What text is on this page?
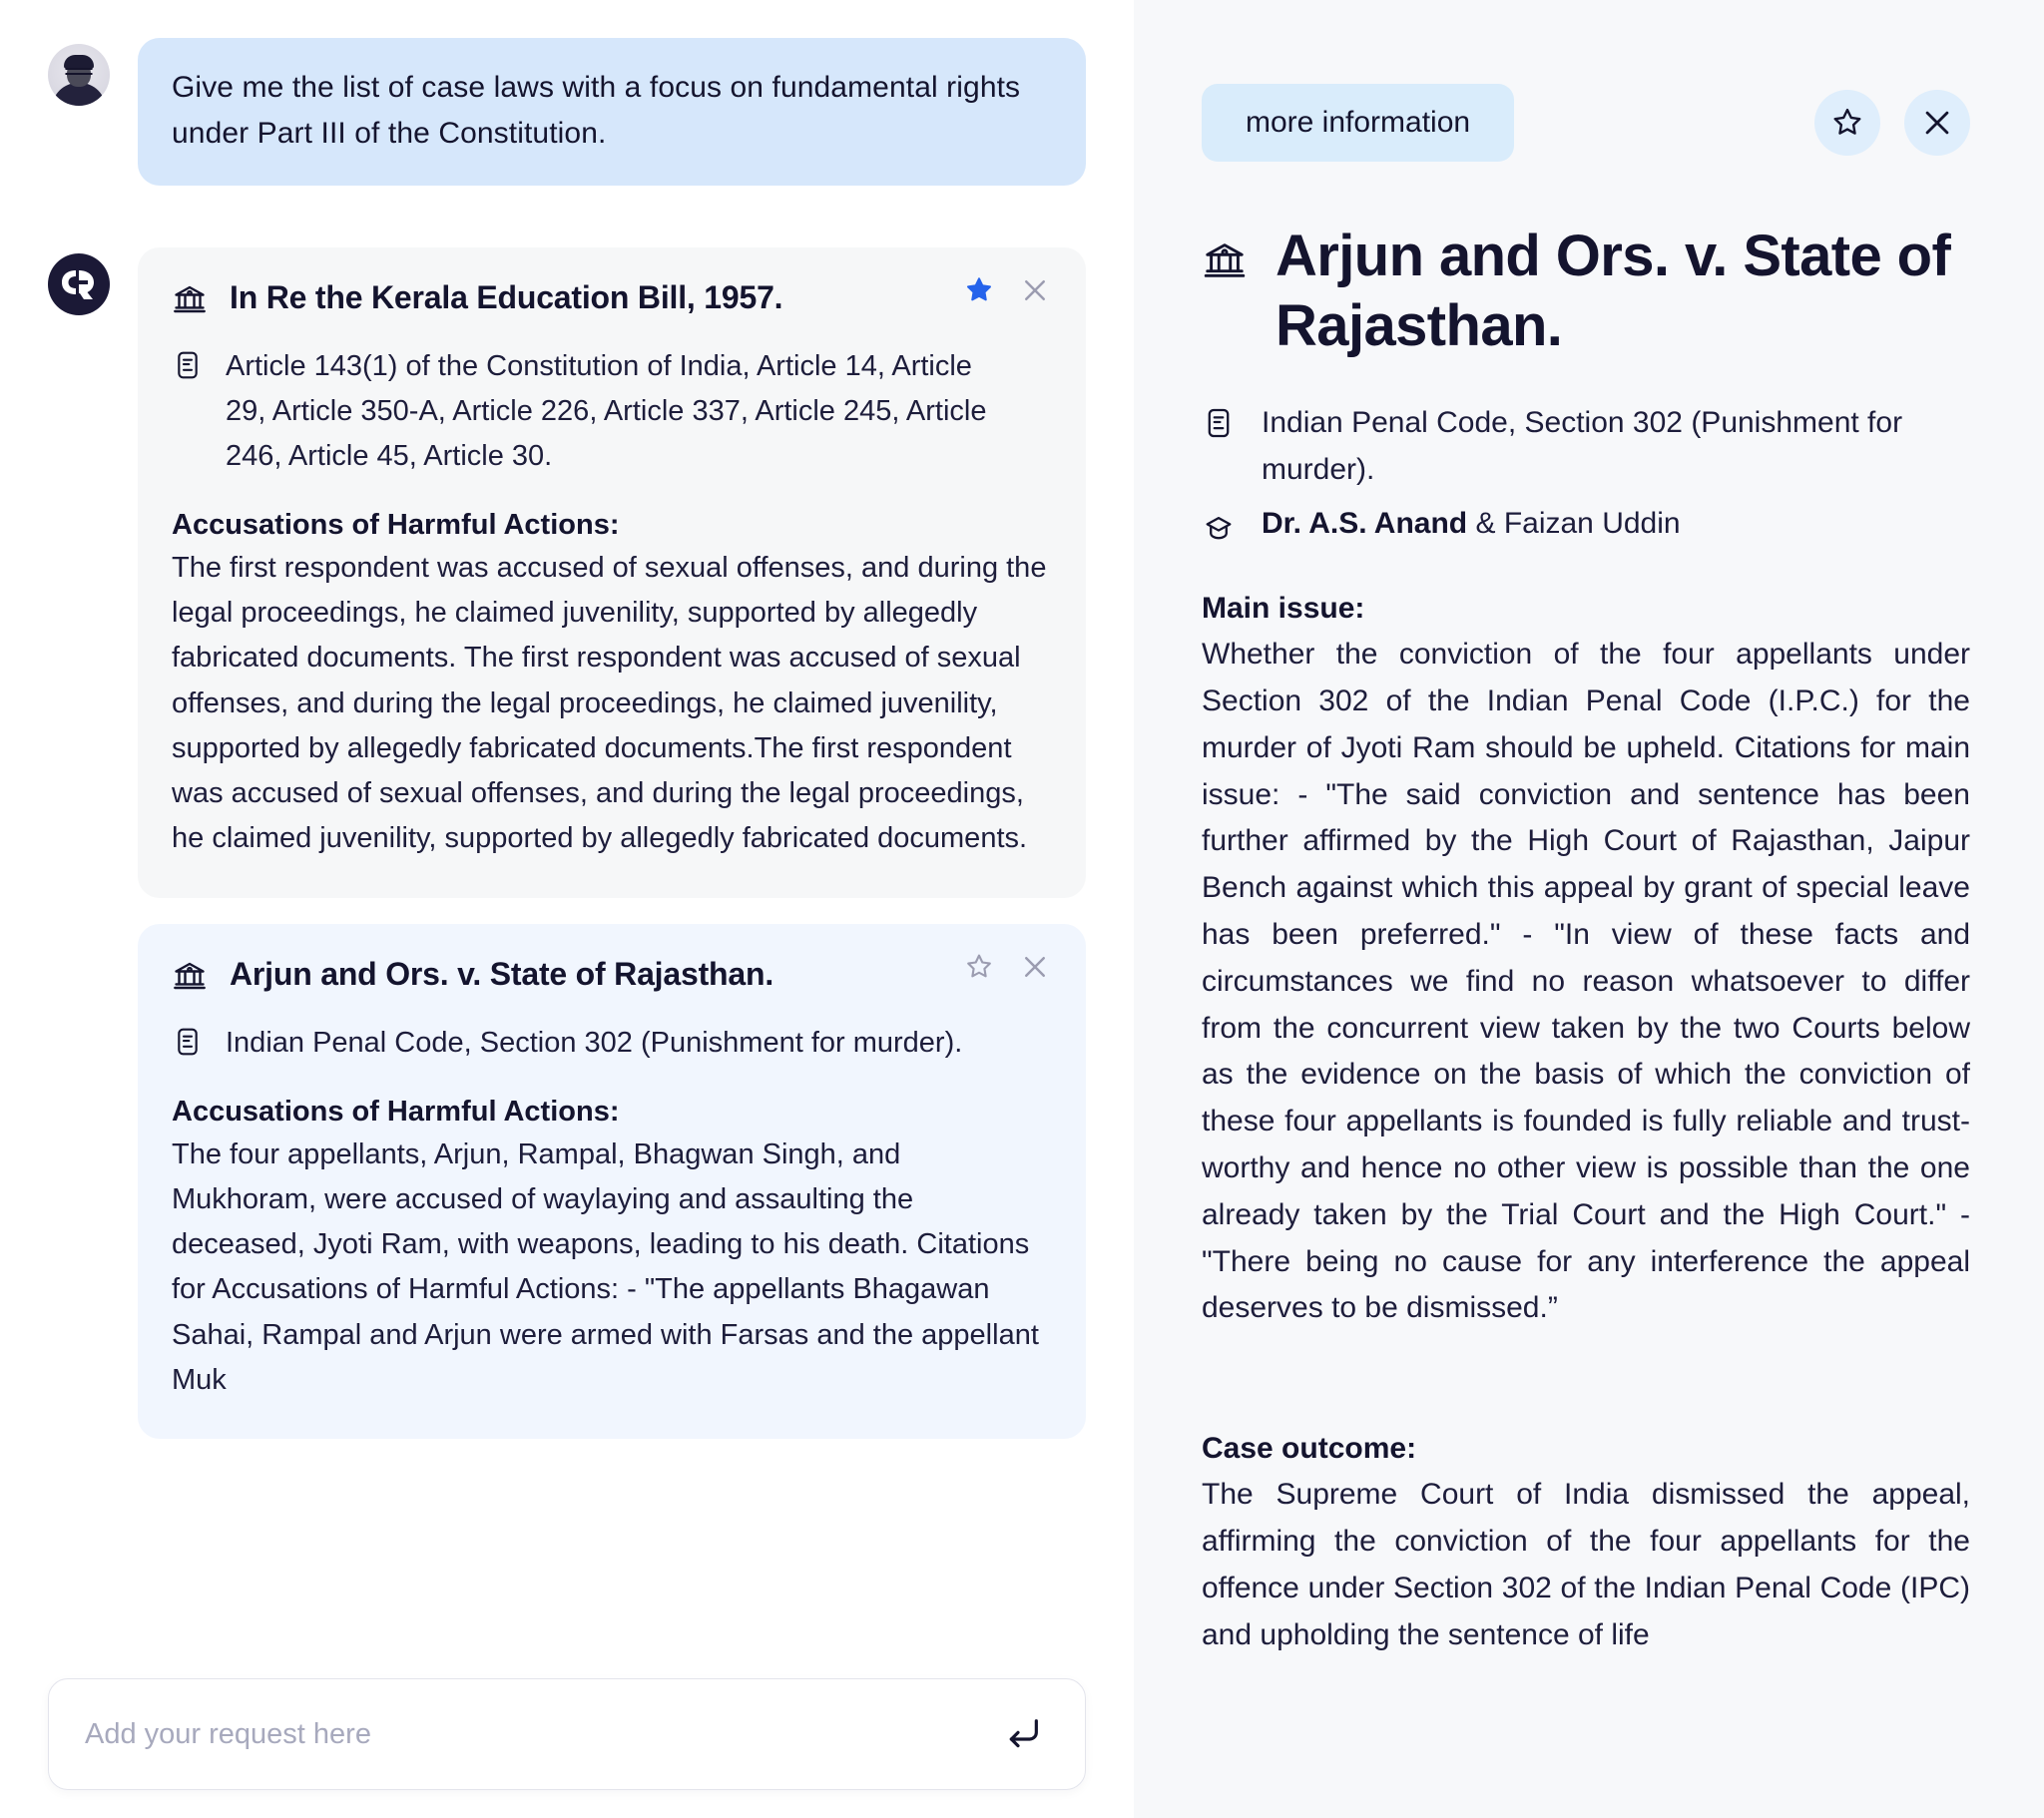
Give me the list of case laws with a focus on fundamental rights under Part III of the Constitution.
In Re the Kerala Education Bill, 1957.
Article 143(1) of the Constitution of India, Article 14, Article 29, Article 350-A, Article 226, Article 337, Article 245, Article 246, Article 45, Article 30.
Accusations of Harmful Actions:
The first respondent was accused of sexual offenses, and during the legal proceedings, he claimed juvenility, supported by allegedly fabricated documents. The first respondent was accused of sexual offenses, and during the legal proceedings, he claimed juvenility, supported by allegedly fabricated documents.The first respondent was accused of sexual offenses, and during the legal proceedings, he claimed juvenility, supported by allegedly fabricated documents.
Arjun and Ors. v. State of Rajasthan.
Indian Penal Code, Section 302 (Punishment for murder).
Accusations of Harmful Actions:
The four appellants, Arjun, Rampal, Bhagwan Singh, and Mukhoram, were accused of waylaying and assaulting the deceased, Jyoti Ram, with weapons, leading to his death. Citations for Accusations of Harmful Actions: - "The appellants Bhagawan Sahai, Rampal and Arjun were armed with Farsas and the appellant Muk
Add your request here
more information
Arjun and Ors. v. State of Rajasthan.
Indian Penal Code, Section 302 (Punishment for murder).
Dr. A.S. Anand & Faizan Uddin
Main issue:
Whether the conviction of the four appellants under Section 302 of the Indian Penal Code (I.P.C.) for the murder of Jyoti Ram should be upheld. Citations for main issue: - "The said conviction and sentence has been further affirmed by the High Court of Rajasthan, Jaipur Bench against which this appeal by grant of special leave has been preferred." - "In view of these facts and circumstances we find no reason whatsoever to differ from the concurrent view taken by the two Courts below as the evidence on the basis of which the conviction of these four appellants is founded is fully reliable and trust-worthy and hence no other view is possible than the one already taken by the Trial Court and the High Court." - "There being no cause for any interference the appeal deserves to be dismissed.”
Case outcome:
The Supreme Court of India dismissed the appeal, affirming the conviction of the four appellants for the offence under Section 302 of the Indian Penal Code (IPC) and upholding the sentence of life
